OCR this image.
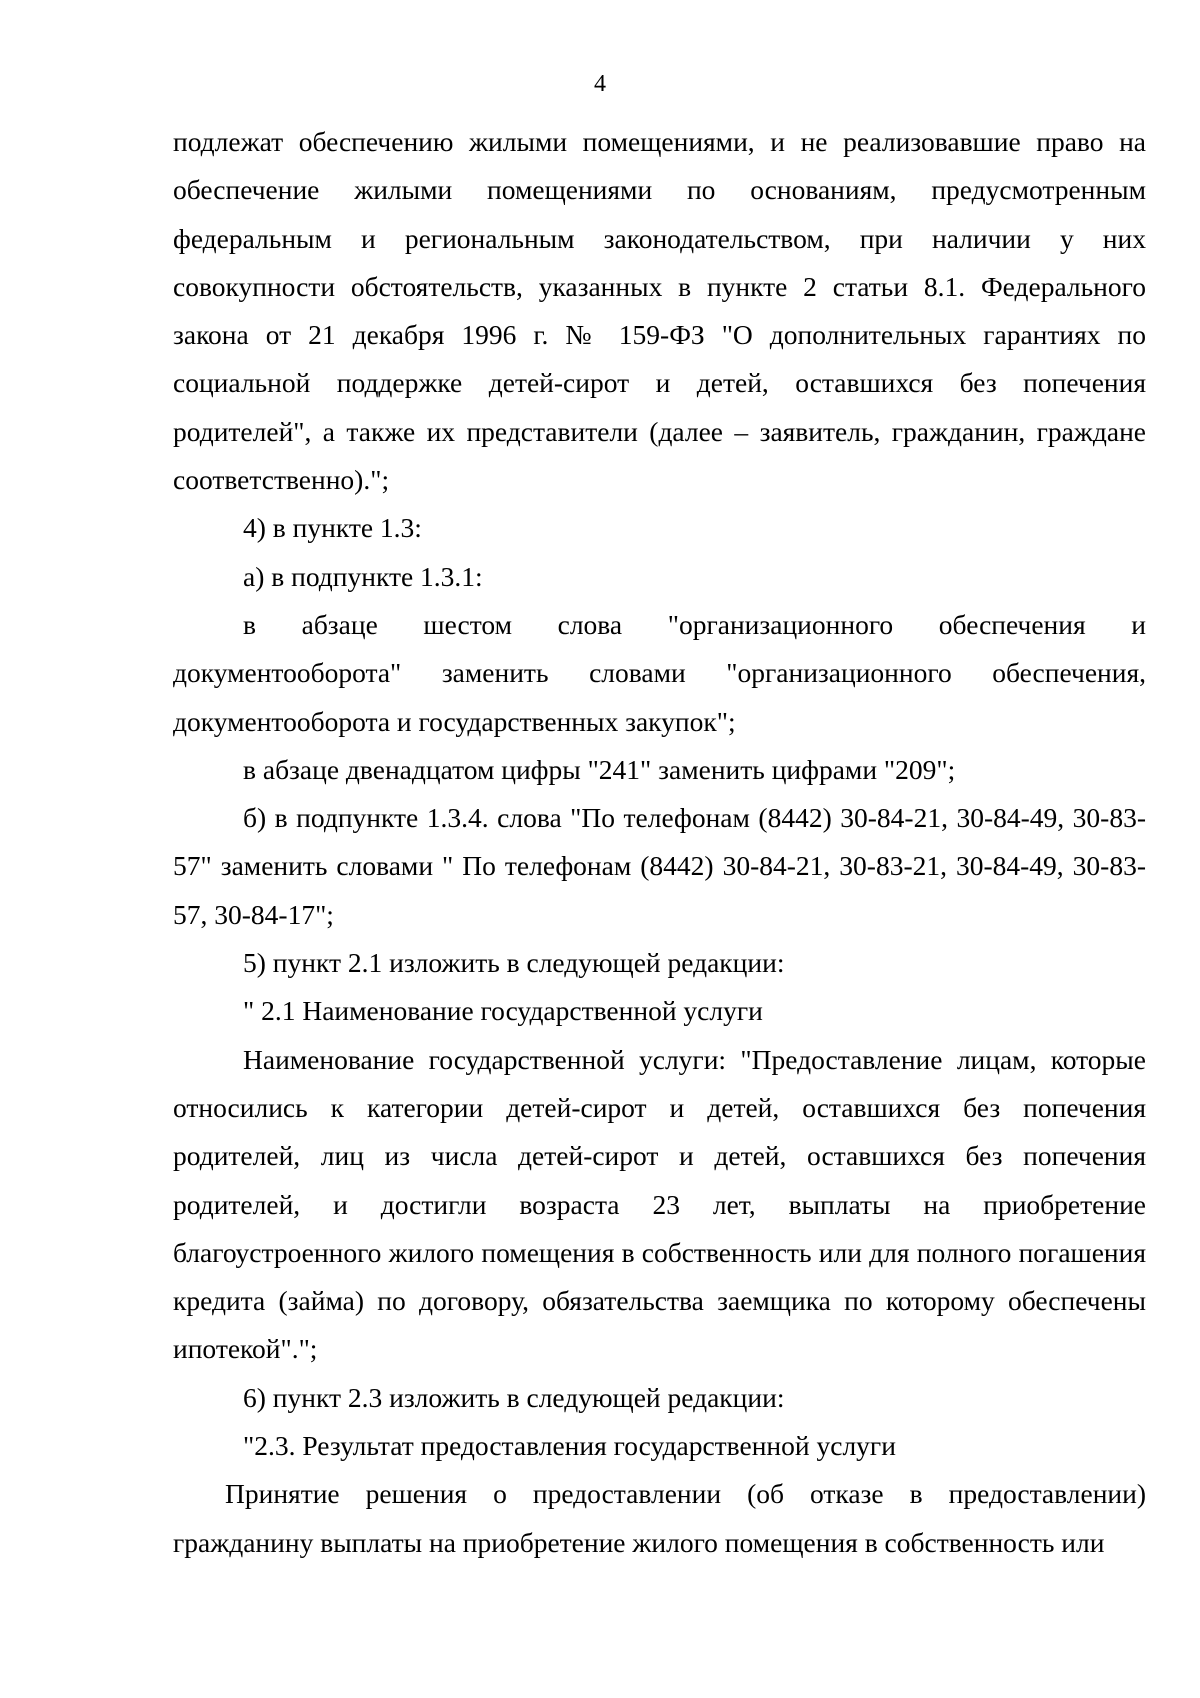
4

подлежат обеспечению жилыми помещениями, и не реализовавшие право на обеспечение жилыми помещениями по основаниям, предусмотренным федеральным и региональным законодательством, при наличии у них совокупности обстоятельств, указанных в пункте 2 статьи 8.1. Федерального закона от 21 декабря 1996 г. № 159-ФЗ "О дополнительных гарантиях по социальной поддержке детей-сирот и детей, оставшихся без попечения родителей", а также их представители (далее – заявитель, гражданин, граждане соответственно).";

4) в пункте 1.3:

а) в подпункте 1.3.1:

в абзаце шестом слова "организационного обеспечения и документооборота" заменить словами "организационного обеспечения, документооборота и государственных закупок";

в абзаце двенадцатом цифры "241" заменить цифрами "209";

б) в подпункте 1.3.4. слова "По телефонам (8442) 30-84-21, 30-84-49, 30-83-57" заменить словами " По телефонам (8442) 30-84-21, 30-83-21, 30-84-49, 30-83-57, 30-84-17";

5) пункт 2.1 изложить в следующей редакции:

" 2.1 Наименование государственной услуги

Наименование государственной услуги: "Предоставление лицам, которые относились к категории детей-сирот и детей, оставшихся без попечения родителей, лиц из числа детей-сирот и детей, оставшихся без попечения родителей, и достигли возраста 23 лет, выплаты на приобретение благоустроенного жилого помещения в собственность или для полного погашения кредита (займа) по договору, обязательства заемщика по которому обеспечены ипотекой".";

6) пункт 2.3 изложить в следующей редакции:

"2.3. Результат предоставления государственной услуги

Принятие решения о предоставлении (об отказе в предоставлении) гражданину выплаты на приобретение жилого помещения в собственность или
